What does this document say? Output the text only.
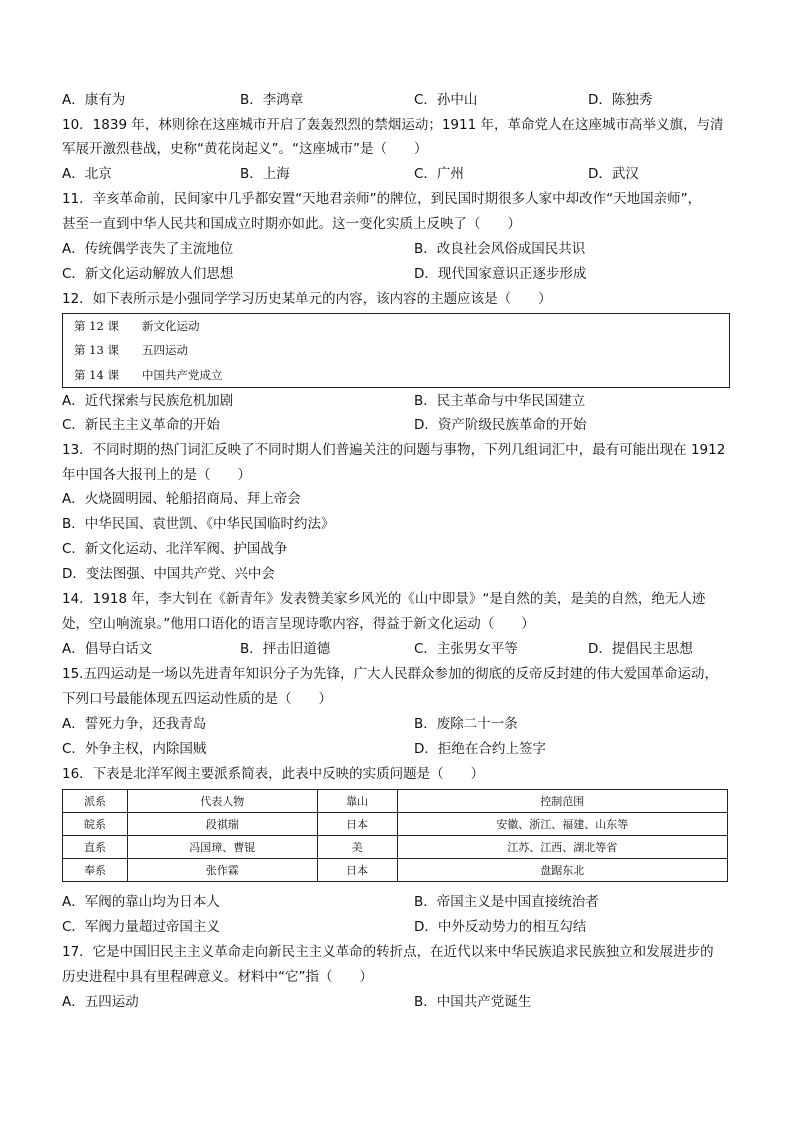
A．康有为	B．李鸿章	C．孙中山	D．陈独秀
10．1839 年，林则徐在这座城市开启了轰轰烈烈的禁烟运动；1911 年，革命党人在这座城市高举义旗，与清
军展开激烈巷战，史称“黄花岗起义”。“这座城市”是（　　）
A．北京	B．上海	C．广州	D．武汉
11．辛亥革命前，民间家中几乎都安置“天地君亲师”的牌位，到民国时期很多人家中却改作“天地国亲师”，
甚至一直到中华人民共和国成立时期亦如此。这一变化实质上反映了（　　）
A．传统偶学丧失了主流地位	B．改良社会风俗成国民共识
C．新文化运动解放人们思想	D．现代国家意识正逐步形成
12．如下表所示是小强同学学习历史某单元的内容，该内容的主题应该是（　　）
第 12 课 新文化运动
第 13 课 五四运动
第 14 课 中国共产党成立
A．近代探索与民族危机加剧	B．民主革命与中华民国建立
C．新民主主义革命的开始	D．资产阶级民族革命的开始
13．不同时期的热门词汇反映了不同时期人们普遍关注的问题与事物，下列几组词汇中，最有可能出现在 1912
年中国各大报刊上的是（　　）
A．火烧圆明园、轮船招商局、拜上帝会
B．中华民国、袁世凯、《中华民国临时约法》
C．新文化运动、北洋军阀、护国战争
D．变法图强、中国共产党、兴中会
14．1918 年，李大钊在《新青年》发表赞美家乡风光的《山中即景》“是自然的美，是美的自然，绝无人迹
处，空山响流泉。”他用口语化的语言呈现诗歌内容，得益于新文化运动（　　）
A．倡导白话文	B．抨击旧道德	C．主张男女平等	D．提倡民主思想
15.五四运动是一场以先进青年知识分子为先锋，广大人民群众参加的彻底的反帝反封建的伟大爱国革命运动，
下列口号最能体现五四运动性质的是（　　）
A．誓死力争，还我青岛	B．废除二十一条
C．外争主权，内除国贼	D．拒绝在合约上签字
16．下表是北洋军阀主要派系简表，此表中反映的实质问题是（　　）
派系	代表人物	靠山	控制范围
皖系	段祺瑞	日本	安徽、浙江、福建、山东等
直系	冯国璋、曹锟	美	江苏、江西、湖北等省
奉系	张作霖	日本	盘踞东北
A．军阀的靠山均为日本人	B．帝国主义是中国直接统治者
C．军阀力量超过帝国主义	D．中外反动势力的相互勾结
17．它是中国旧民主主义革命走向新民主主义革命的转折点，在近代以来中华民族追求民族独立和发展进步的
历史进程中具有里程碑意义。材料中“它”指（　　）
A．五四运动	B．中国共产党诞生
